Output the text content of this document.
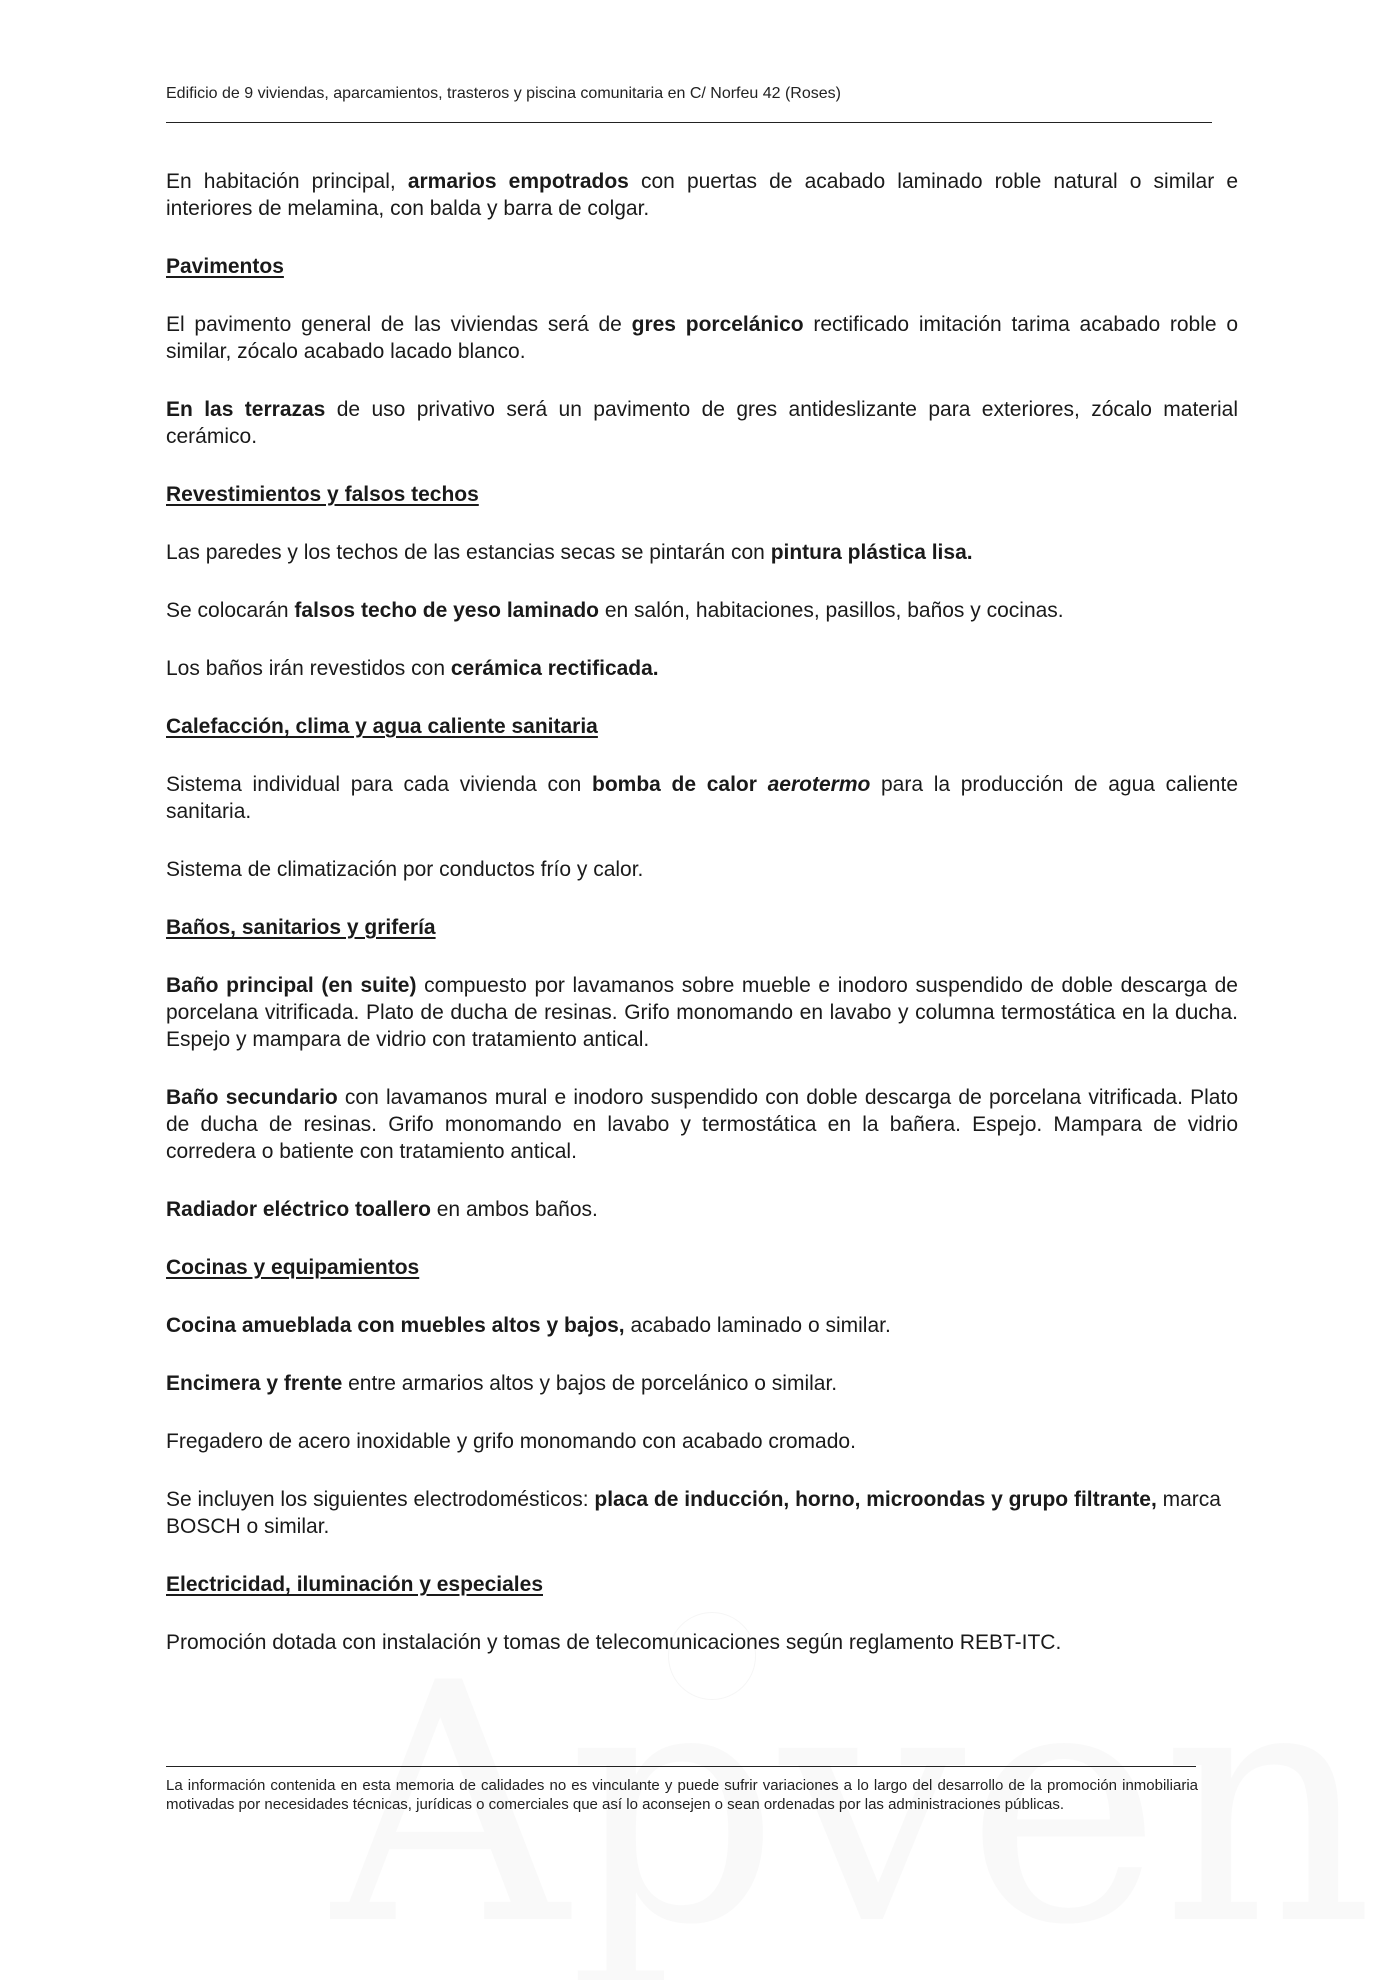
Edificio de 9 viviendas, aparcamientos, trasteros y piscina comunitaria en C/ Norfeu 42 (Roses)

En habitación principal, armarios empotrados con puertas de acabado laminado roble natural o similar e interiores de melamina, con balda y barra de colgar.

Pavimentos

El pavimento general de las viviendas será de gres porcelánico rectificado imitación tarima acabado roble o similar, zócalo acabado lacado blanco.

En las terrazas de uso privativo será un pavimento de gres antideslizante para exteriores, zócalo material cerámico.

Revestimientos y falsos techos

Las paredes y los techos de las estancias secas se pintarán con pintura plástica lisa.

Se colocarán falsos techo de yeso laminado en salón, habitaciones, pasillos, baños y cocinas.

Los baños irán revestidos con cerámica rectificada.

Calefacción, clima y agua caliente sanitaria

Sistema individual para cada vivienda con bomba de calor aerotermo para la producción de agua caliente sanitaria.

Sistema de climatización por conductos frío y calor.

Baños, sanitarios y grifería

Baño principal (en suite) compuesto por lavamanos sobre mueble e inodoro suspendido de doble descarga de porcelana vitrificada. Plato de ducha de resinas. Grifo monomando en lavabo y columna termostática en la ducha. Espejo y mampara de vidrio con tratamiento antical.

Baño secundario con lavamanos mural e inodoro suspendido con doble descarga de porcelana vitrificada. Plato de ducha de resinas. Grifo monomando en lavabo y termostática en la bañera. Espejo. Mampara de vidrio corredera o batiente con tratamiento antical.

Radiador eléctrico toallero en ambos baños.

Cocinas y equipamientos

Cocina amueblada con muebles altos y bajos, acabado laminado o similar.

Encimera y frente entre armarios altos y bajos de porcelánico o similar.

Fregadero de acero inoxidable y grifo monomando con acabado cromado.

Se incluyen los siguientes electrodomésticos: placa de inducción, horno, microondas y grupo filtrante, marca BOSCH o similar.

Electricidad, iluminación y especiales

Promoción dotada con instalación y tomas de telecomunicaciones según reglamento REBT-ITC.

La información contenida en esta memoria de calidades no es vinculante y puede sufrir variaciones a lo largo del desarrollo de la promoción inmobiliaria motivadas por necesidades técnicas, jurídicas o comerciales que así lo aconsejen o sean ordenadas por las administraciones públicas.
